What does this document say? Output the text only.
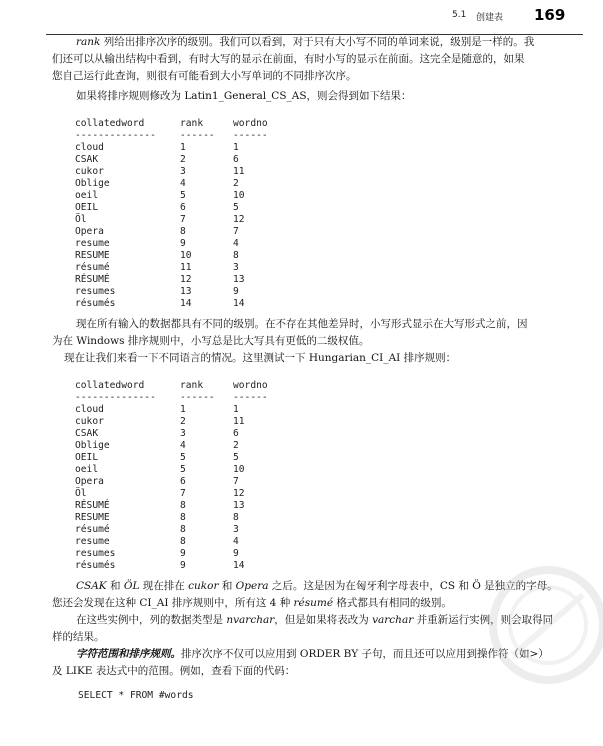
5.1 创建表 169
rank 列给出排序次序的级别。我们可以看到，对于只有大小写不同的单词来说，级别是一样的。我
们还可以从输出结构中看到，有时大写的显示在前面，有时小写的显示在前面。这完全是随意的，如果
您自己运行此查询，则很有可能看到大小写单词的不同排序次序。
如果将排序规则修改为 Latin1_General_CS_AS，则会得到如下结果：
collatedword	rank	wordno
--------------	------ ------
cloud	1	1
CSAK	2	6
cukor	3	11
Oblige	4	2
oeil	5	10
OEIL	6	5
Öl	7	12
Opera	8	7
resume	9	4
RESUME	10	8
résumé	11	3
RÉSUMÉ	12	13
resumes	13	9
résumés	14	14
现在所有输入的数据都具有不同的级别。在不存在其他差异时，小写形式显示在大写形式之前，因
为在 Windows 排序规则中，小写总是比大写具有更低的二级权值。
现在让我们来看一下不同语言的情况。这里测试一下 Hungarian_CI_AI 排序规则：
collatedword	rank	wordno
--------------	------ ------
cloud	1	1
cukor	2	11
CSAK	3	6
Oblige	4	2
OEIL	5	5
oeil	5	10
Opera	6	7
Öl	7	12
RÉSUMÉ	8	13
RESUME	8	8
résumé	8	3
resume	8	4
resumes	9	9
résumés	9	14
CSAK 和 ÖL 现在排在 cukor 和 Opera 之后。这是因为在匈牙利字母表中，CS 和 Ö 是独立的字母。
您还会发现在这种 CI_AI 排序规则中，所有这 4 种 résumé 格式都具有相同的级别。
在这些实例中，列的数据类型是 nvarchar，但是如果将表改为 varchar 并重新运行实例，则会取得同
样的结果。
字符范围和排序规则。排序次序不仅可以应用到 ORDER BY 子句，而且还可以应用到操作符（如>）
及 LIKE 表达式中的范围。例如，查看下面的代码：
SELECT * FROM #words
